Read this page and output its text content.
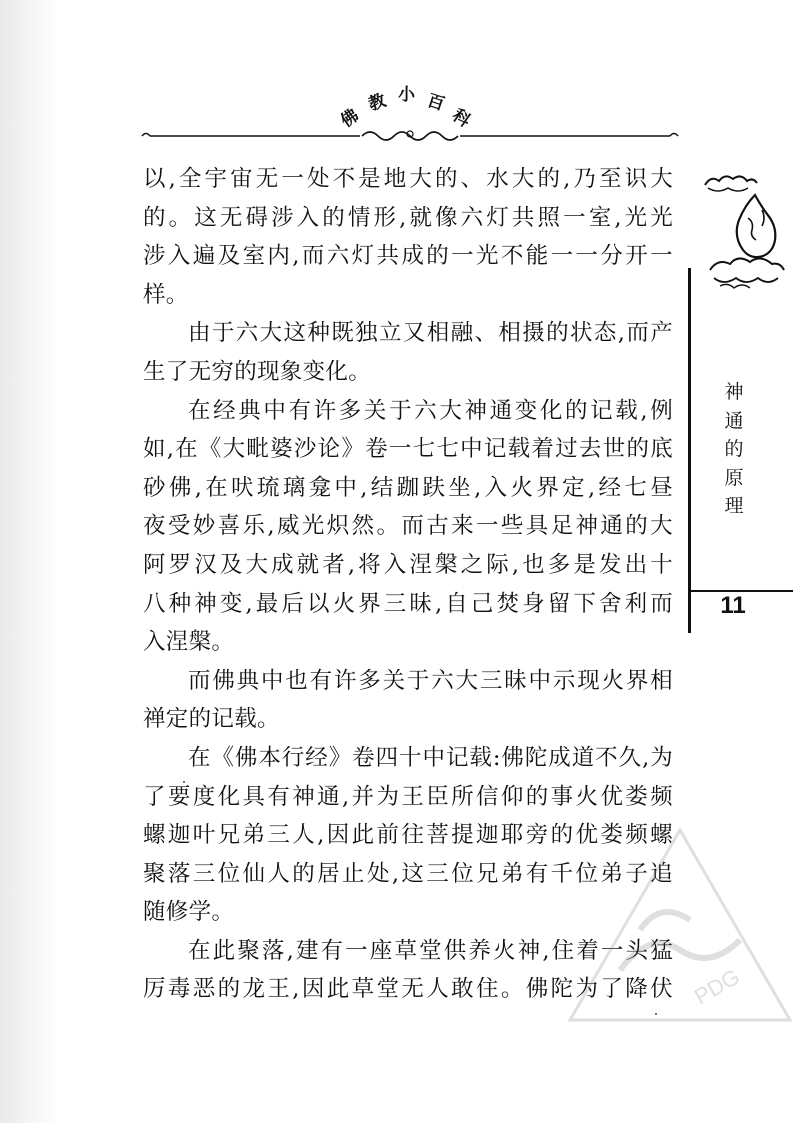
佛
教 小 百
科
以,全宇宙无一处不是地大的、水大的,乃至识大
的。这无碍涉入的情形,就像六灯共照一室,光光
涉入遍及室内,而六灯共成的一光不能一一分开一
样。
由于六大这种既独立又相融、相摄的状态,而产
生了无穷的现象变化。
在经典中有许多关于六大神通变化的记载,例
如,在《大毗婆沙论》卷一七七中记载着过去世的底
砂佛,在吠琉璃龛中,结跏趺坐,入火界定,经七昼
夜受妙喜乐,威光炽然。而古来一些具足神通的大
阿罗汉及大成就者,将入涅槃之际,也多是发出十
八种神变,最后以火界三昧,自己焚身留下舍利而
入涅槃。
而佛典中也有许多关于六大三昧中示现火界相
禅定的记载。
在《佛本行经》卷四十中记载:佛陀成道不久,为
了要度化具有神通,并为王臣所信仰的事火优娄频
螺迦叶兄弟三人,因此前往菩提迦耶旁的优娄频螺
聚落三位仙人的居止处,这三位兄弟有千位弟子追
随修学。
在此聚落,建有一座草堂供养火神,住着一头猛
厉毒恶的龙王,因此草堂无人敢住。佛陀为了降伏
神
通
的
原
理
11
PDG
